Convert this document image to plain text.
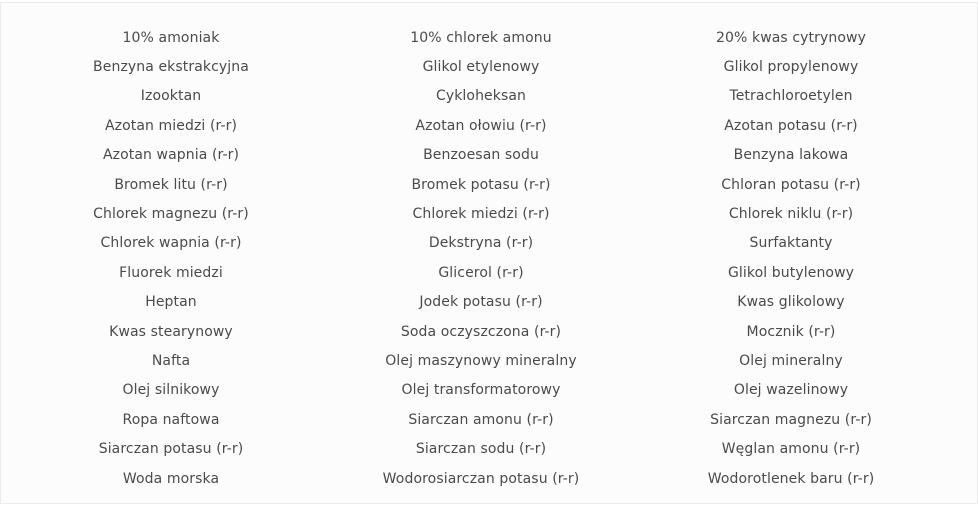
10% amoniak	10% chlorek amonu	20% kwas cytrynowy
Benzyna ekstrakcyjna	Glikol etylenowy	Glikol propylenowy
Izooktan	Cykloheksan	Tetrachloroetylen
Azotan miedzi (r-r)	Azotan ołowiu (r-r)	Azotan potasu (r-r)
Azotan wapnia (r-r)	Benzoesan sodu	Benzyna lakowa
Bromek litu (r-r)	Bromek potasu (r-r)	Chloran potasu (r-r)
Chlorek magnezu (r-r)	Chlorek miedzi (r-r)	Chlorek niklu (r-r)
Chlorek wapnia (r-r)	Dekstryna (r-r)	Surfaktanty
Fluorek miedzi	Glicerol (r-r)	Glikol butylenowy
Heptan	Jodek potasu (r-r)	Kwas glikolowy
Kwas stearynowy	Soda oczyszczona (r-r)	Mocznik (r-r)
Nafta	Olej maszynowy mineralny	Olej mineralny
Olej silnikowy	Olej transformatorowy	Olej wazelinowy
Ropa naftowa	Siarczan amonu (r-r)	Siarczan magnezu (r-r)
Siarczan potasu (r-r)	Siarczan sodu (r-r)	Węglan amonu (r-r)
Woda morska	Wodorosiarczan potasu (r-r)	Wodorotlenek baru (r-r)
